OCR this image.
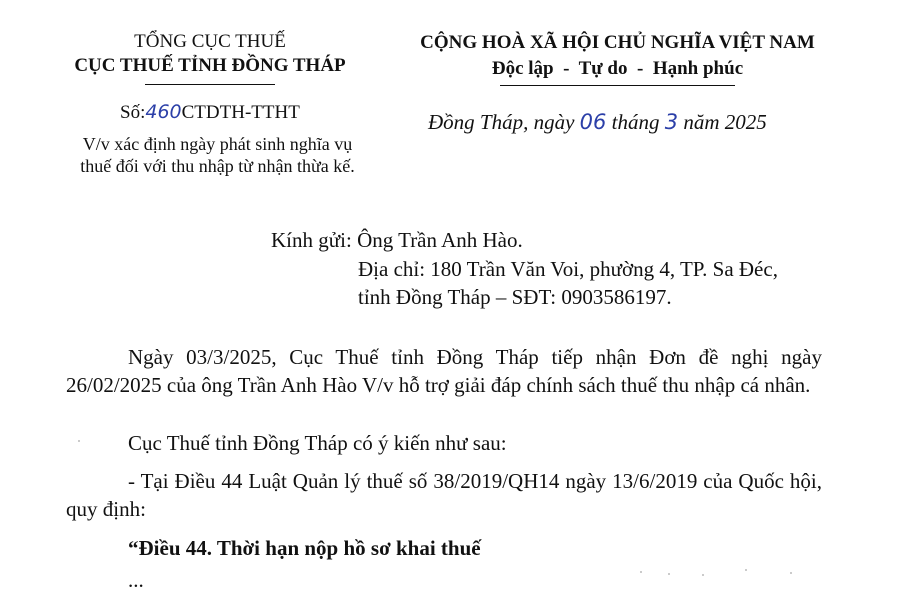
TỔNG CỤC THUẾ
CỤC THUẾ TỈNH ĐỒNG THÁP
Số:460CTDTH-TTHT
V/v xác định ngày phát sinh nghĩa vụ thuế đối với thu nhập từ nhận thừa kế.
CỘNG HOÀ XÃ HỘI CHỦ NGHĨA VIỆT NAM
Độc lập  -  Tự do  -  Hạnh phúc
Đồng Tháp, ngày 06 tháng 3 năm 2025
Kính gửi: Ông Trần Anh Hào.
Địa chỉ: 180 Trần Văn Voi, phường 4, TP. Sa Đéc,
tỉnh Đồng Tháp – SĐT: 0903586197.
Ngày 03/3/2025, Cục Thuế tỉnh Đồng Tháp tiếp nhận Đơn đề nghị ngày 26/02/2025 của ông Trần Anh Hào V/v hỗ trợ giải đáp chính sách thuế thu nhập cá nhân.
Cục Thuế tỉnh Đồng Tháp có ý kiến như sau:
- Tại Điều 44 Luật Quản lý thuế số 38/2019/QH14 ngày 13/6/2019 của Quốc hội, quy định:
“Điều 44. Thời hạn nộp hồ sơ khai thuế
...
